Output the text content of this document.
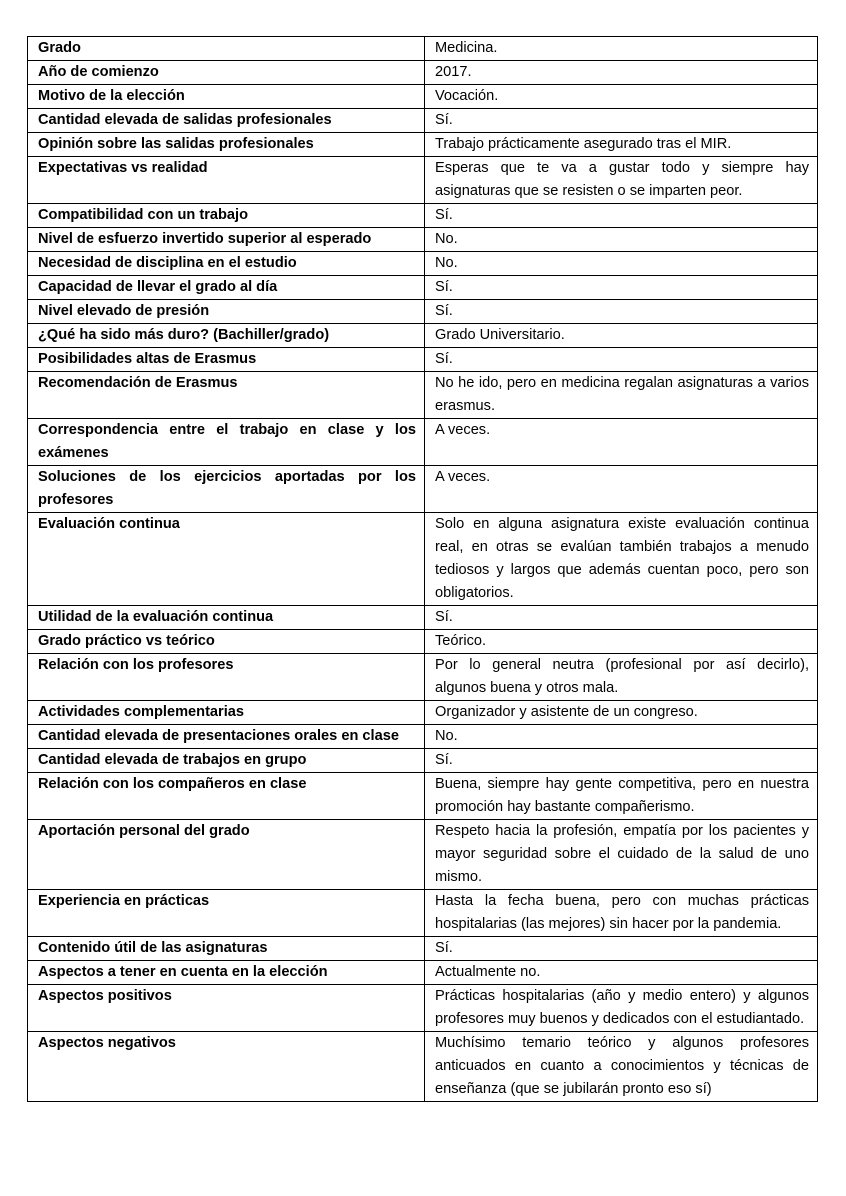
Grado	Medicina.
Año de comienzo	2017.
Motivo de la elección	Vocación.
Cantidad elevada de salidas profesionales	Sí.
Opinión sobre las salidas profesionales	Trabajo prácticamente asegurado tras el MIR.
Expectativas vs realidad	Esperas que te va a gustar todo y siempre hay asignaturas que se resisten o se imparten peor.
Compatibilidad con un trabajo	Sí.
Nivel de esfuerzo invertido superior al esperado	No.
Necesidad de disciplina en el estudio	No.
Capacidad de llevar el grado al día	Sí.
Nivel elevado de presión	Sí.
¿Qué ha sido más duro? (Bachiller/grado)	Grado Universitario.
Posibilidades altas de Erasmus	Sí.
Recomendación de Erasmus	No he ido, pero en medicina regalan asignaturas a varios erasmus.
Correspondencia entre el trabajo en clase y los exámenes	A veces.
Soluciones de los ejercicios aportadas por los profesores	A veces.
Evaluación continua	Solo en alguna asignatura existe evaluación continua real, en otras se evalúan también trabajos a menudo tediosos y largos que además cuentan poco, pero son obligatorios.
Utilidad de la evaluación continua	Sí.
Grado práctico vs teórico	Teórico.
Relación con los profesores	Por lo general neutra (profesional por así decirlo), algunos buena y otros mala.
Actividades complementarias	Organizador y asistente de un congreso.
Cantidad elevada de presentaciones orales en clase	No.
Cantidad elevada de trabajos en grupo	Sí.
Relación con los compañeros en clase	Buena, siempre hay gente competitiva, pero en nuestra promoción hay bastante compañerismo.
Aportación personal del grado	Respeto hacia la profesión, empatía por los pacientes y mayor seguridad sobre el cuidado de la salud de uno mismo.
Experiencia en prácticas	Hasta la fecha buena, pero con muchas prácticas hospitalarias (las mejores) sin hacer por la pandemia.
Contenido útil de las asignaturas	Sí.
Aspectos a tener en cuenta en la elección	Actualmente no.
Aspectos positivos	Prácticas hospitalarias (año y medio entero) y algunos profesores muy buenos y dedicados con el estudiantado.
Aspectos negativos	Muchísimo temario teórico y algunos profesores anticuados en cuanto a conocimientos y técnicas de enseñanza (que se jubilarán pronto eso sí)
